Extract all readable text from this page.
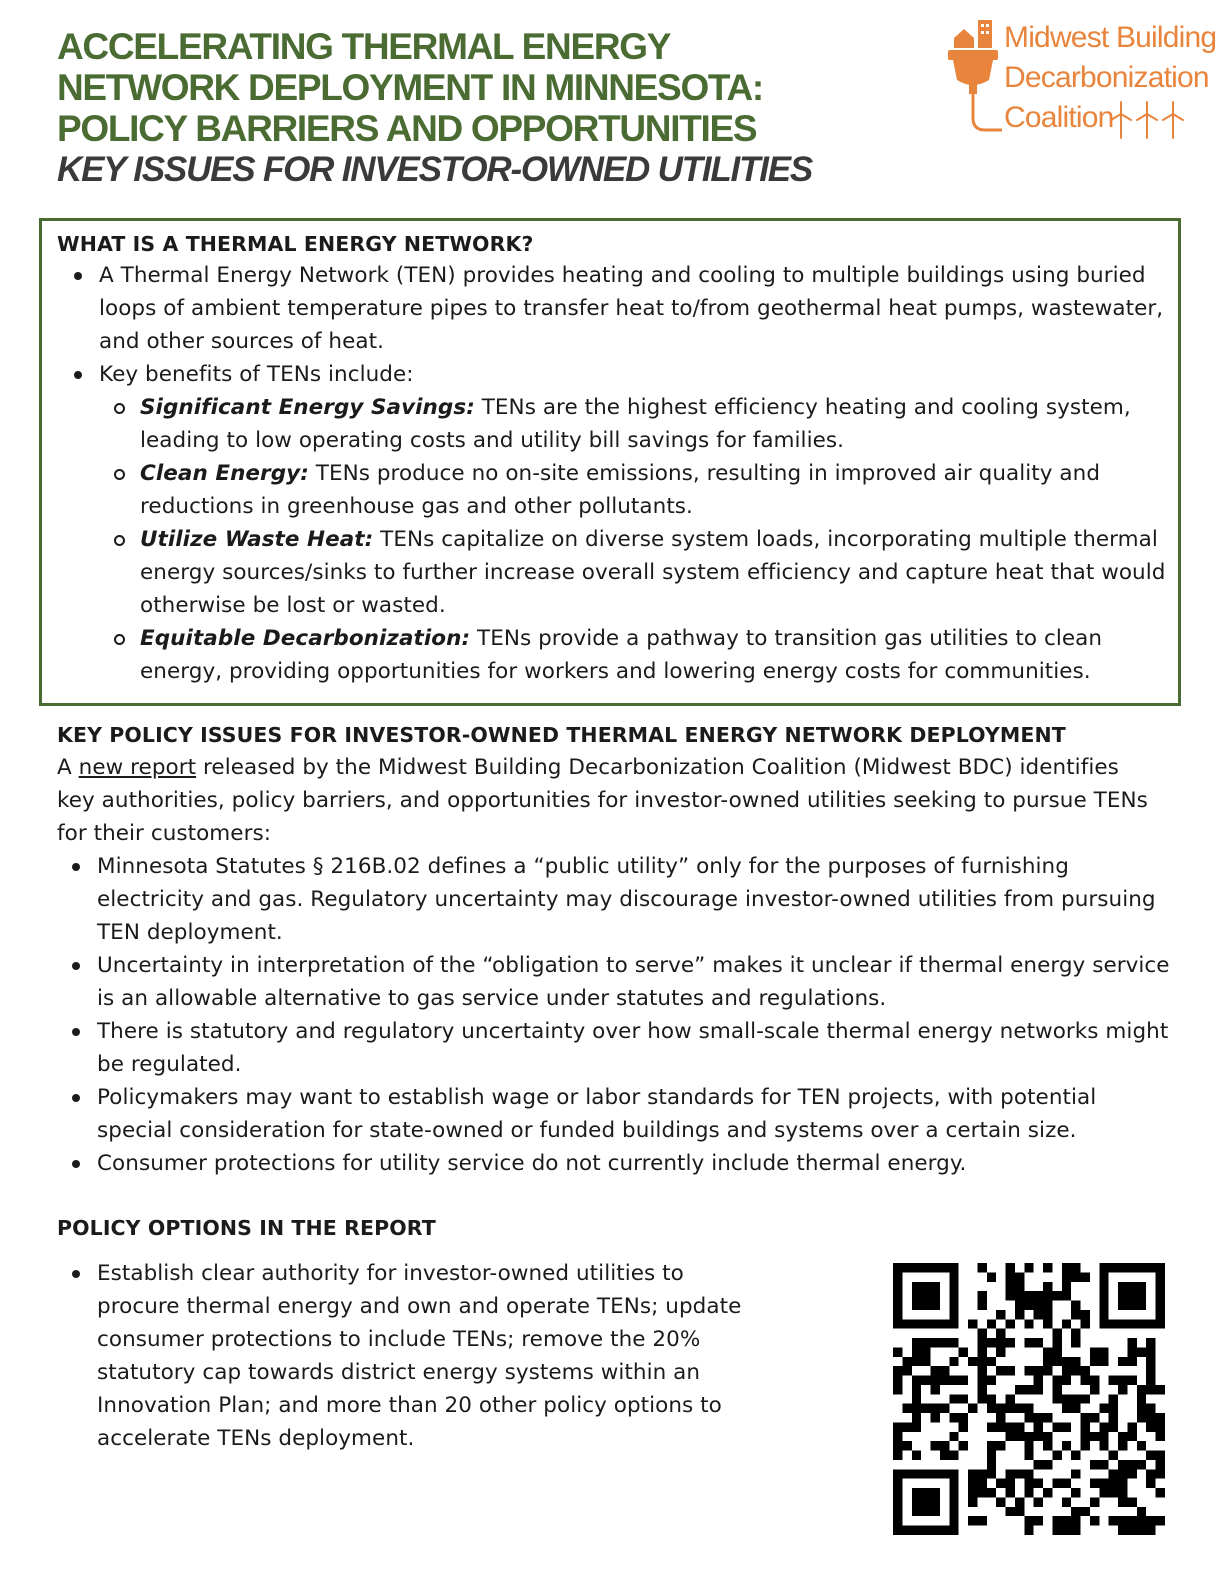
ACCELERATING THERMAL ENERGY
NETWORK DEPLOYMENT IN MINNESOTA:
POLICY BARRIERS AND OPPORTUNITIES
KEY ISSUES FOR INVESTOR-OWNED UTILITIES
Midwest Building
Decarbonization
Coalition
WHAT IS A THERMAL ENERGY NETWORK?
A Thermal Energy Network (TEN) provides heating and cooling to multiple buildings using buried loops of ambient temperature pipes to transfer heat to/from geothermal heat pumps, wastewater, and other sources of heat.
Key benefits of TENs include:
Significant Energy Savings: TENs are the highest efficiency heating and cooling system, leading to low operating costs and utility bill savings for families.
Clean Energy: TENs produce no on-site emissions, resulting in improved air quality and reductions in greenhouse gas and other pollutants.
Utilize Waste Heat: TENs capitalize on diverse system loads, incorporating multiple thermal energy sources/sinks to further increase overall system efficiency and capture heat that would otherwise be lost or wasted.
Equitable Decarbonization: TENs provide a pathway to transition gas utilities to clean energy, providing opportunities for workers and lowering energy costs for communities.
KEY POLICY ISSUES FOR INVESTOR-OWNED THERMAL ENERGY NETWORK DEPLOYMENT

A new report released by the Midwest Building Decarbonization Coalition (Midwest BDC) identifies key authorities, policy barriers, and opportunities for investor-owned utilities seeking to pursue TENs for their customers:

Minnesota Statutes § 216B.02 defines a “public utility” only for the purposes of furnishing electricity and gas. Regulatory uncertainty may discourage investor-owned utilities from pursuing TEN deployment.
Uncertainty in interpretation of the “obligation to serve” makes it unclear if thermal energy service is an allowable alternative to gas service under statutes and regulations.
There is statutory and regulatory uncertainty over how small-scale thermal energy networks might be regulated.
Policymakers may want to establish wage or labor standards for TEN projects, with potential special consideration for state-owned or funded buildings and systems over a certain size.
Consumer protections for utility service do not currently include thermal energy.
POLICY OPTIONS IN THE REPORT
Establish clear authority for investor-owned utilities to procure thermal energy and own and operate TENs; update consumer protections to include TENs; remove the 20% statutory cap towards district energy systems within an Innovation Plan; and more than 20 other policy options to accelerate TENs deployment.
